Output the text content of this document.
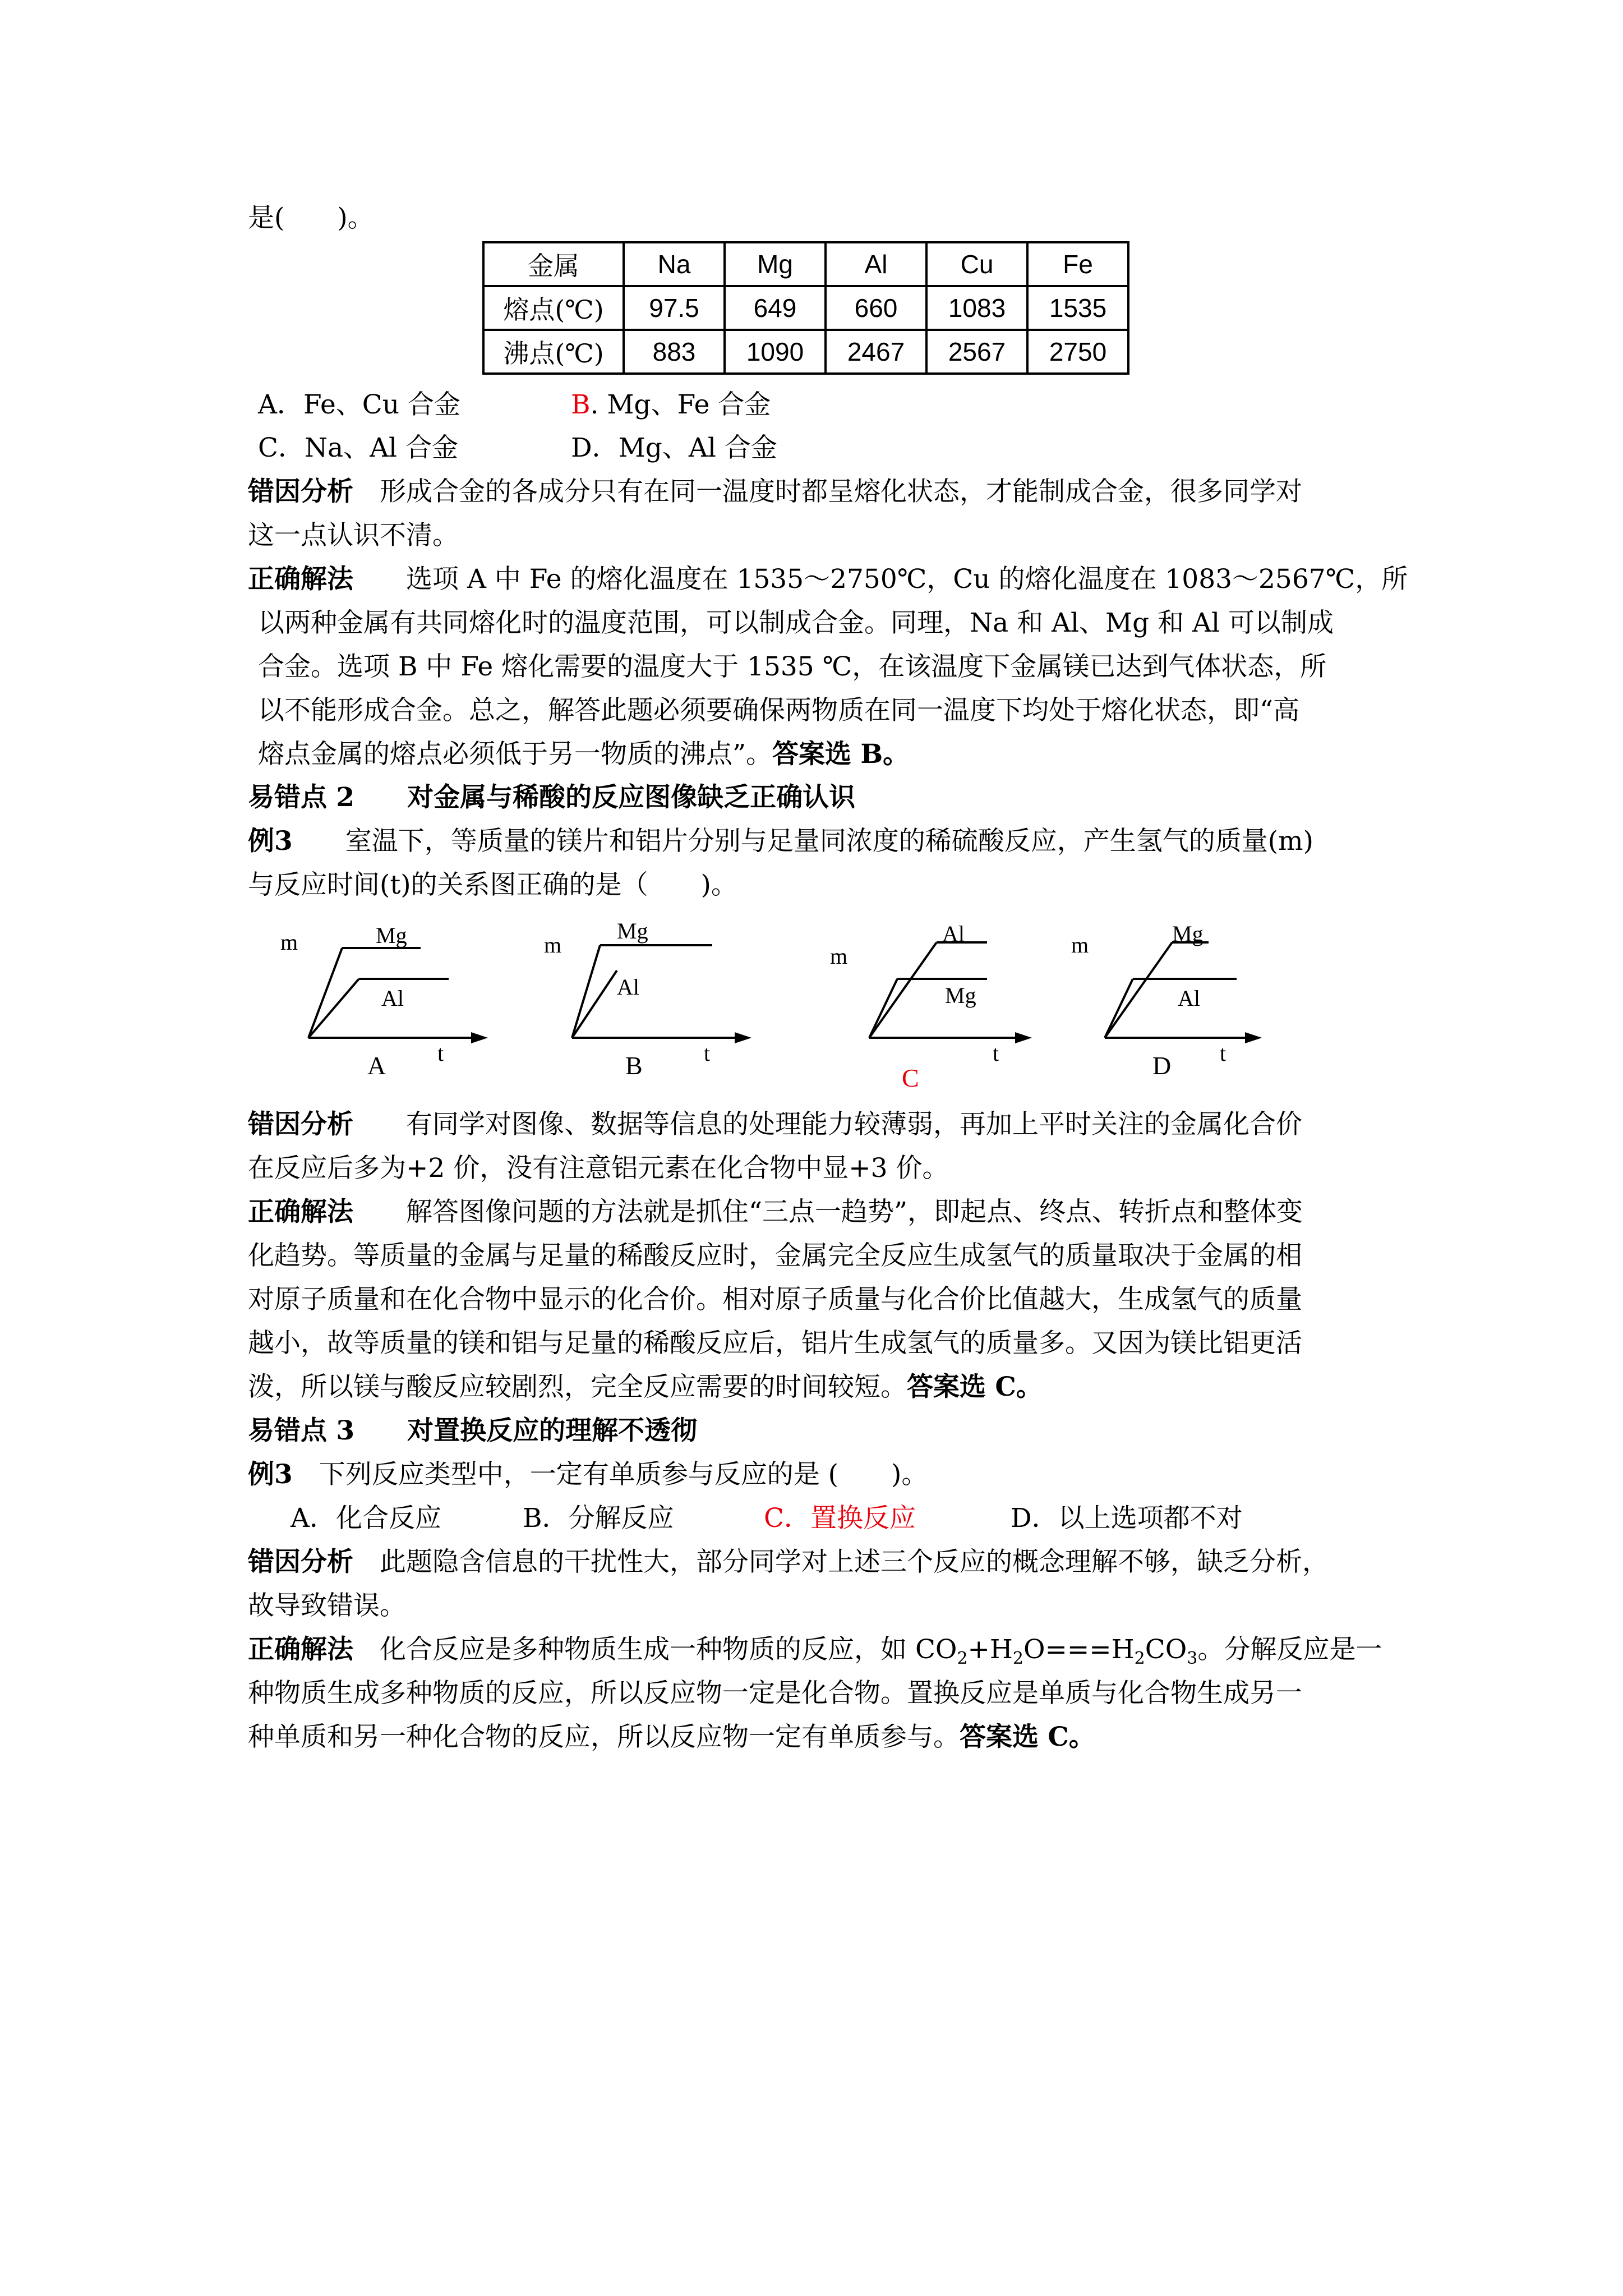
是(　　)。
金属	Na	Mg	Al	Cu	Fe
熔点(℃)	97.5	649	660	1083	1535
沸点(℃)	883	1090	2467	2567	2750
A．Fe、Cu 合金	B. Mg、Fe 合金
C．Na、Al 合金	D．Mg、Al 合金
错因分析　形成合金的各成分只有在同一温度时都呈熔化状态，才能制成合金，很多同学对
这一点认识不清。
正确解法　　选项 A 中 Fe 的熔化温度在 1535～2750℃，Cu 的熔化温度在 1083～2567℃，所
以两种金属有共同熔化时的温度范围，可以制成合金。同理，Na 和 Al、Mg 和 Al 可以制成
合金。选项 B 中 Fe 熔化需要的温度大于 1535 ℃，在该温度下金属镁已达到气体状态，所
以不能形成合金。总之，解答此题必须要确保两物质在同一温度下均处于熔化状态，即“高
熔点金属的熔点必须低于另一物质的沸点”。答案选 B。
易错点 2　　对金属与稀酸的反应图像缺乏正确认识
例3　　室温下，等质量的镁片和铝片分别与足量同浓度的稀硫酸反应，产生氢气的质量(m)
与反应时间(t)的关系图正确的是（　　)。
m	Mg
Al
t
A
m
Mg
Al
t
B
m
Al
Mg
t
C
m	Mg
Al
t
D
错因分析　　有同学对图像、数据等信息的处理能力较薄弱，再加上平时关注的金属化合价
在反应后多为+2 价，没有注意铝元素在化合物中显+3 价。
正确解法　　解答图像问题的方法就是抓住“三点一趋势”，即起点、终点、转折点和整体变
化趋势。等质量的金属与足量的稀酸反应时，金属完全反应生成氢气的质量取决于金属的相
对原子质量和在化合物中显示的化合价。相对原子质量与化合价比值越大，生成氢气的质量
越小，故等质量的镁和铝与足量的稀酸反应后，铝片生成氢气的质量多。又因为镁比铝更活
泼，所以镁与酸反应较剧烈，完全反应需要的时间较短。答案选 C。
易错点 3　　对置换反应的理解不透彻
例3　下列反应类型中，一定有单质参与反应的是 (　　)。
A．化合反应	B．分解反应	C．置换反应	D．以上选项都不对
错因分析　此题隐含信息的干扰性大，部分同学对上述三个反应的概念理解不够，缺乏分析，
故导致错误。
正确解法　化合反应是多种物质生成一种物质的反应，如 $CO_2+H_2O===H_2CO_3$。分解反应是一
种物质生成多种物质的反应，所以反应物一定是化合物。置换反应是单质与化合物生成另一
种单质和另一种化合物的反应，所以反应物一定有单质参与。答案选 C。
